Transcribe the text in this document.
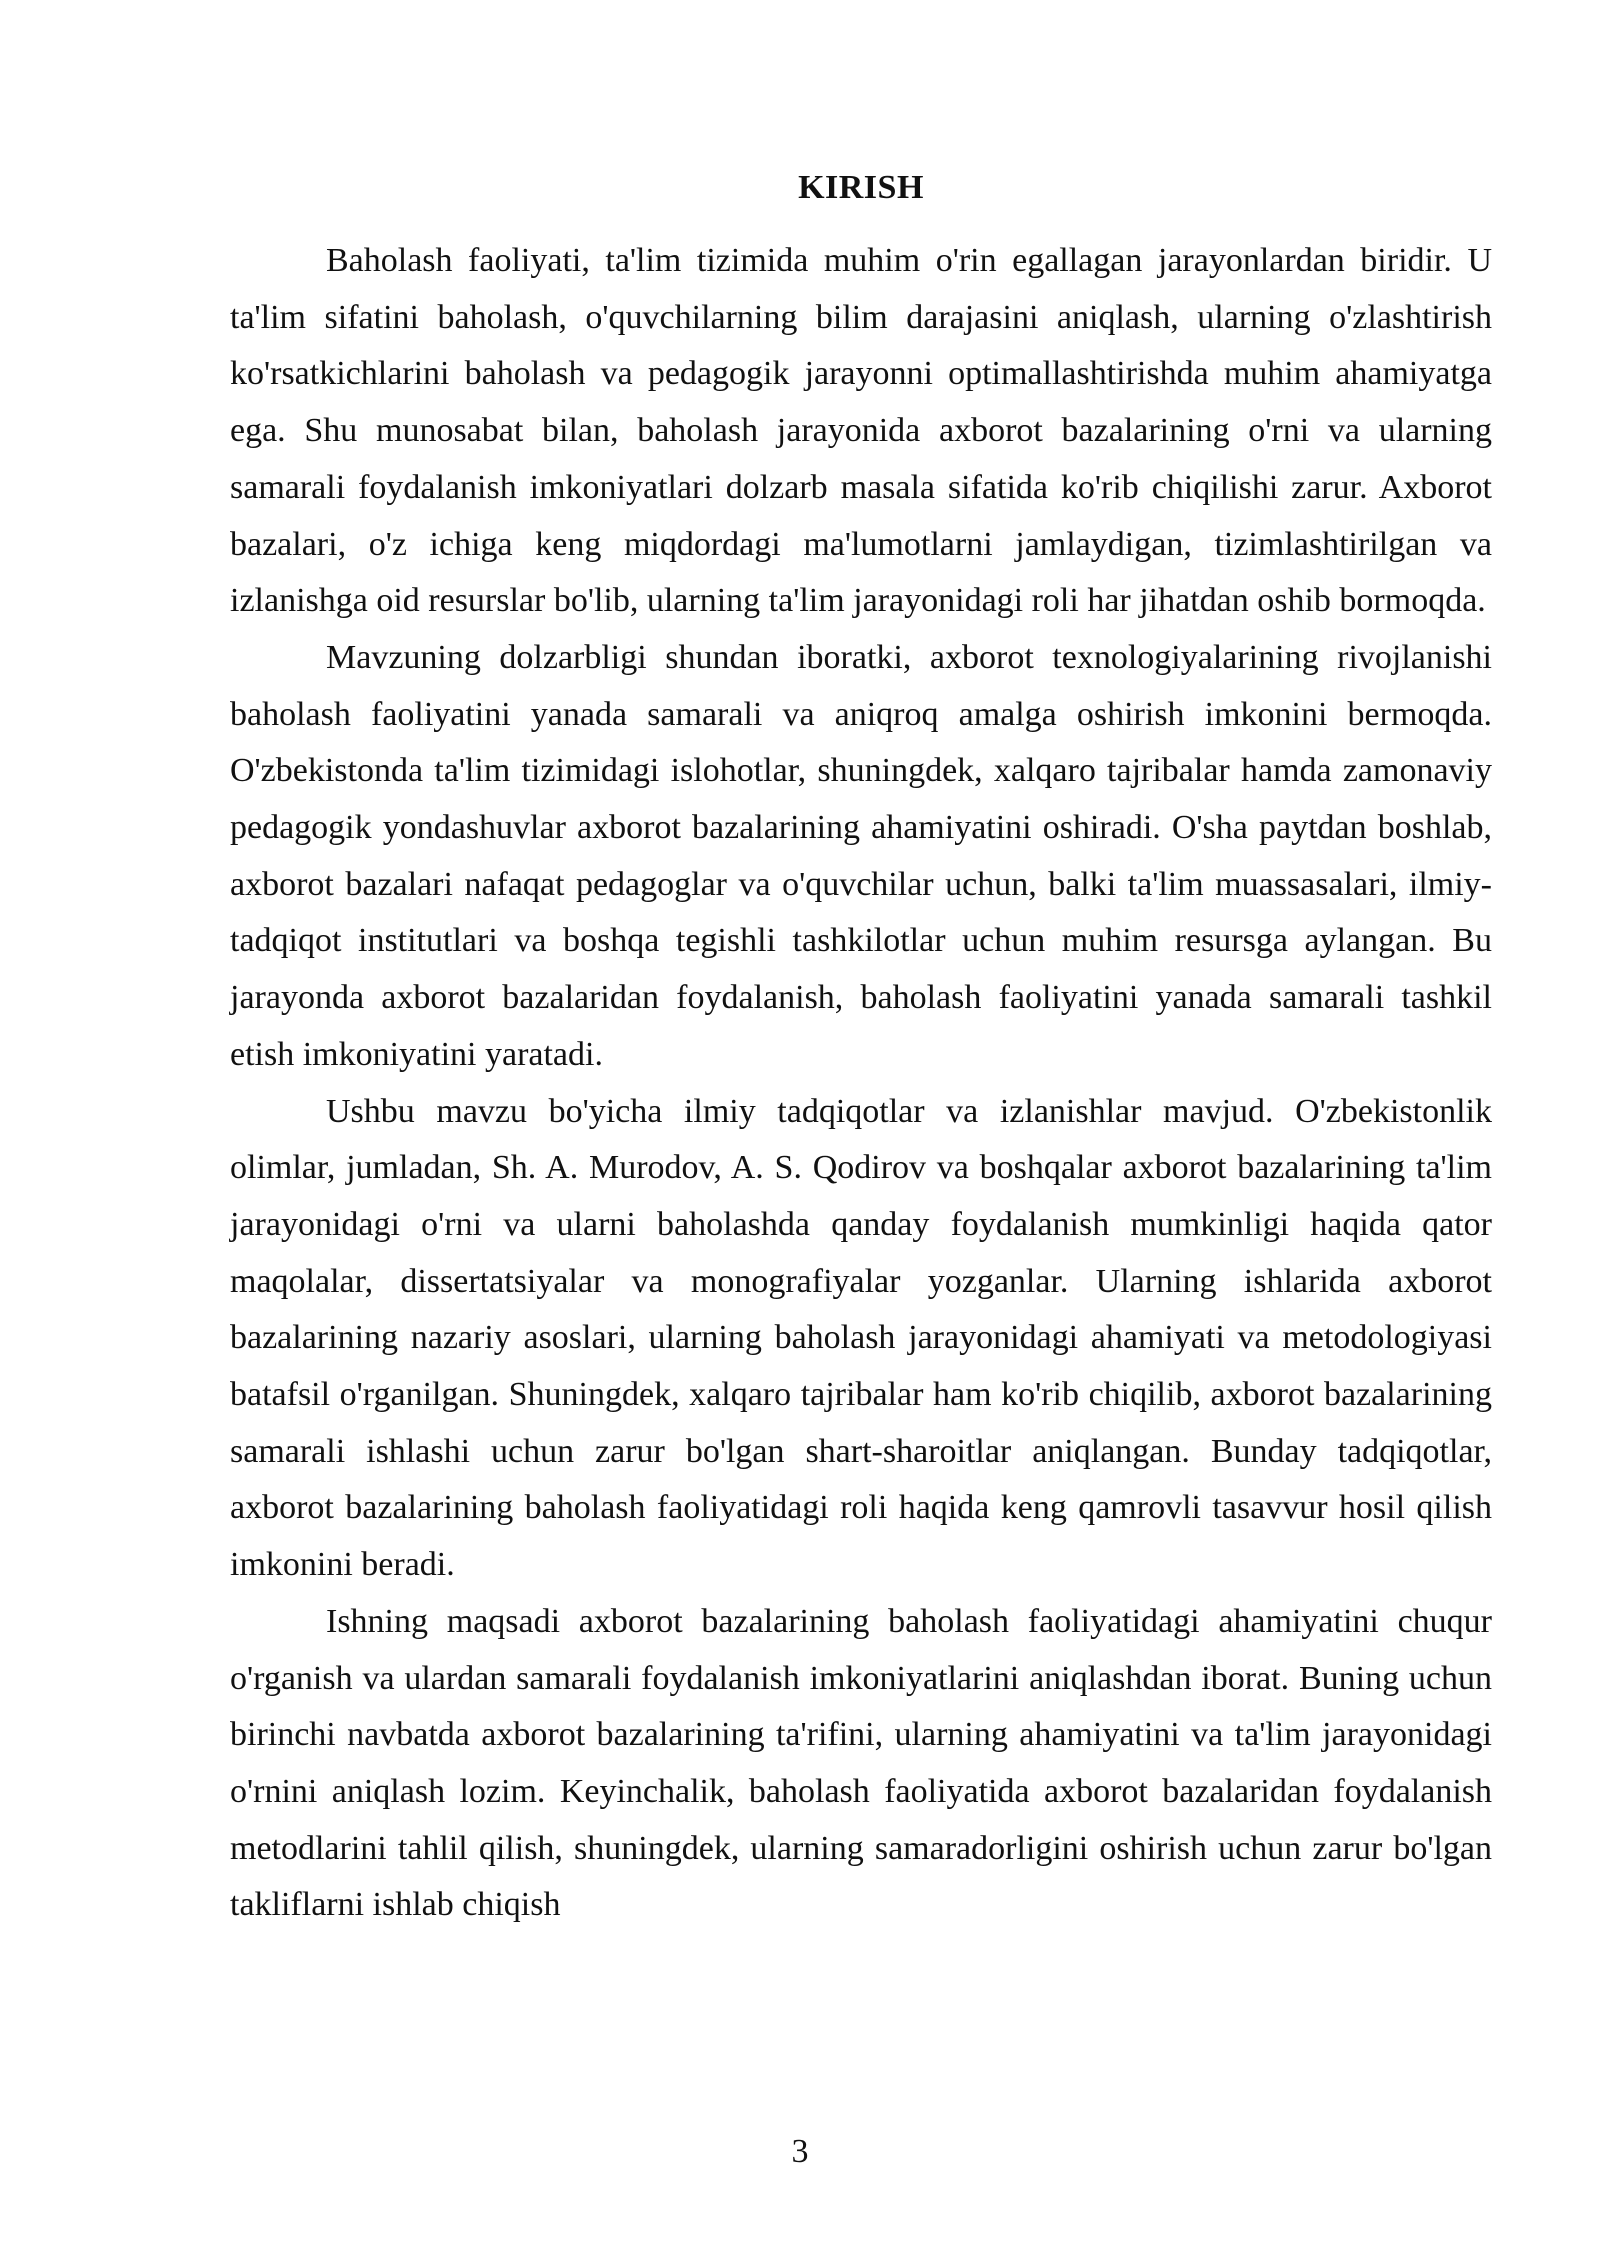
KIRISH

Baholash faoliyati, ta'lim tizimida muhim o'rin egallagan jarayonlardan biridir. U ta'lim sifatini baholash, o'quvchilarning bilim darajasini aniqlash, ularning o'zlashtirish ko'rsatkichlarini baholash va pedagogik jarayonni optimallashtirishda muhim ahamiyatga ega. Shu munosabat bilan, baholash jarayonida axborot bazalarining o'rni va ularning samarali foydalanish imkoniyatlari dolzarb masala sifatida ko'rib chiqilishi zarur. Axborot bazalari, o'z ichiga keng miqdordagi ma'lumotlarni jamlaydigan, tizimlashtirilgan va izlanishga oid resurslar bo'lib, ularning ta'lim jarayonidagi roli har jihatdan oshib bormoqda.

Mavzuning dolzarbligi shundan iboratki, axborot texnologiyalarining rivojlanishi baholash faoliyatini yanada samarali va aniqroq amalga oshirish imkonini bermoqda. O'zbekistonda ta'lim tizimidagi islohotlar, shuningdek, xalqaro tajribalar hamda zamonaviy pedagogik yondashuvlar axborot bazalarining ahamiyatini oshiradi. O'sha paytdan boshlab, axborot bazalari nafaqat pedagoglar va o'quvchilar uchun, balki ta'lim muassasalari, ilmiy-tadqiqot institutlari va boshqa tegishli tashkilotlar uchun muhim resursga aylangan. Bu jarayonda axborot bazalaridan foydalanish, baholash faoliyatini yanada samarali tashkil etish imkoniyatini yaratadi.

Ushbu mavzu bo'yicha ilmiy tadqiqotlar va izlanishlar mavjud. O'zbekistonlik olimlar, jumladan, Sh. A. Murodov, A. S. Qodirov va boshqalar axborot bazalarining ta'lim jarayonidagi o'rni va ularni baholashda qanday foydalanish mumkinligi haqida qator maqolalar, dissertatsiyalar va monografiyalar yozganlar. Ularning ishlarida axborot bazalarining nazariy asoslari, ularning baholash jarayonidagi ahamiyati va metodologiyasi batafsil o'rganilgan. Shuningdek, xalqaro tajribalar ham ko'rib chiqilib, axborot bazalarining samarali ishlashi uchun zarur bo'lgan shart-sharoitlar aniqlangan. Bunday tadqiqotlar, axborot bazalarining baholash faoliyatidagi roli haqida keng qamrovli tasavvur hosil qilish imkonini beradi.

Ishning maqsadi axborot bazalarining baholash faoliyatidagi ahamiyatini chuqur o'rganish va ulardan samarali foydalanish imkoniyatlarini aniqlashdan iborat. Buning uchun birinchi navbatda axborot bazalarining ta'rifini, ularning ahamiyatini va ta'lim jarayonidagi o'rnini aniqlash lozim. Keyinchalik, baholash faoliyatida axborot bazalaridan foydalanish metodlarini tahlil qilish, shuningdek, ularning samaradorligini oshirish uchun zarur bo'lgan takliflarni ishlab chiqish

3
